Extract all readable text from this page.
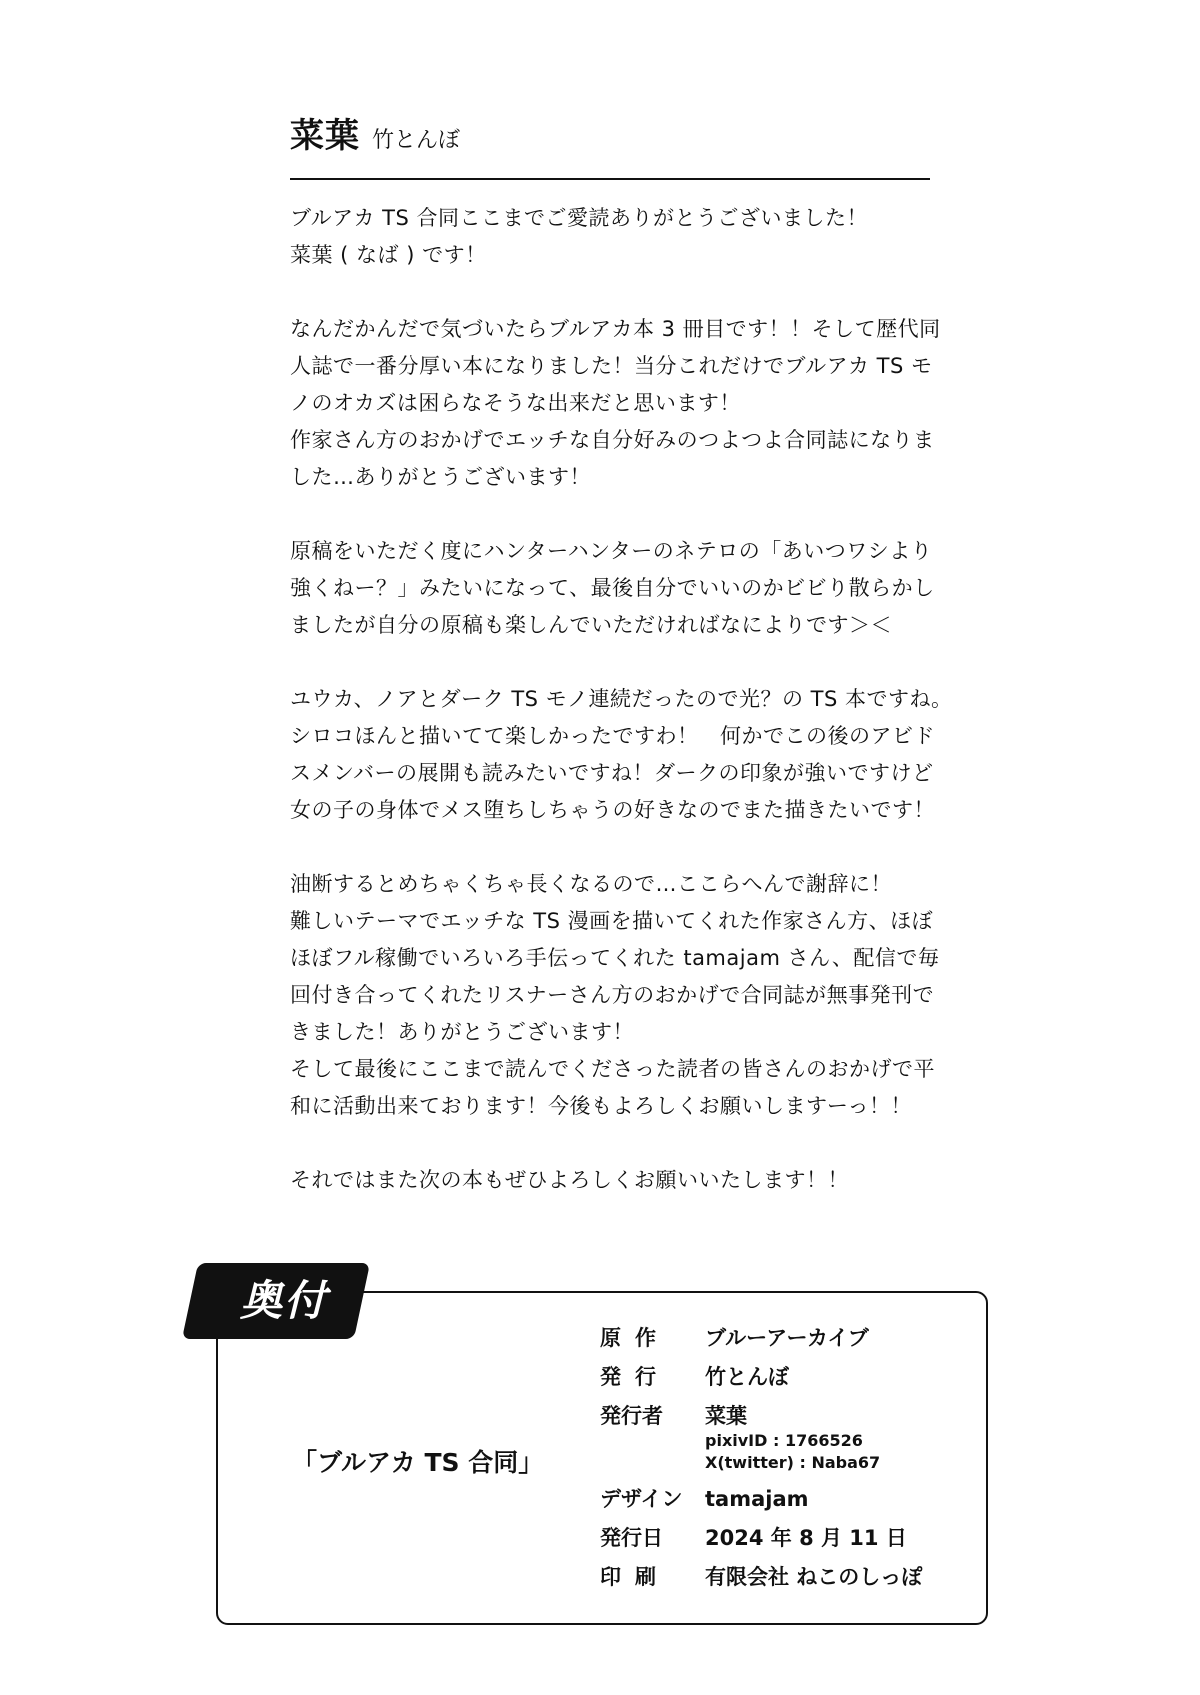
菜葉 竹とんぼ
ブルアカ TS 合同ここまでご愛読ありがとうございました！
菜葉 ( なば ) です！
なんだかんだで気づいたらブルアカ本 3 冊目です！！そして歴代同
人誌で一番分厚い本になりました！当分これだけでブルアカ TS モ
ノのオカズは困らなそうな出来だと思います！
作家さん方のおかげでエッチな自分好みのつよつよ合同誌になりま
した…ありがとうございます！
原稿をいただく度にハンターハンターのネテロの「あいつワシより
強くねー？」みたいになって、最後自分でいいのかビビり散らかし
ましたが自分の原稿も楽しんでいただければなによりです＞＜
ユウカ、ノアとダーク TS モノ連続だったので光？の TS 本ですね。
シロコほんと描いてて楽しかったですわ！　何かでこの後のアビド
スメンバーの展開も読みたいですね！ダークの印象が強いですけど
女の子の身体でメス堕ちしちゃうの好きなのでまた描きたいです！
油断するとめちゃくちゃ長くなるので…ここらへんで謝辞に！
難しいテーマでエッチな TS 漫画を描いてくれた作家さん方、ほぼ
ほぼフル稼働でいろいろ手伝ってくれた tamajam さん、配信で毎
回付き合ってくれたリスナーさん方のおかげで合同誌が無事発刊で
きました！ありがとうございます！
そして最後にここまで読んでくださった読者の皆さんのおかげで平
和に活動出来ております！今後もよろしくお願いしますーっ！！
それではまた次の本もぜひよろしくお願いいたします！！
奥付
「ブルアカ TS 合同」
原作	ブルーアーカイブ
発行	竹とんぼ
発行者	菜葉
pixivID : 1766526
X(twitter) : Naba67
デザイン	tamajam
発行日	2024 年 8 月 11 日
印刷	有限会社 ねこのしっぽ
